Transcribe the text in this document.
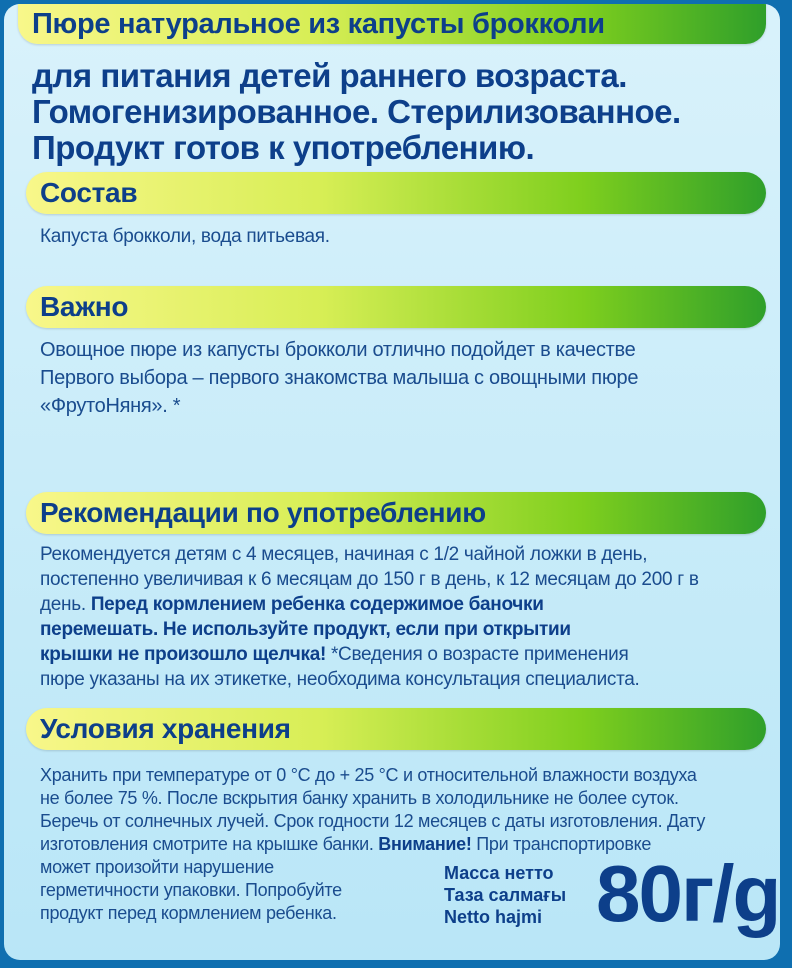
Пюре натуральное из капусты брокколи
для питания детей раннего возраста.
Гомогенизированное. Стерилизованное.
Продукт готов к употреблению.
Состав
Капуста брокколи, вода питьевая.
Важно
Овощное пюре из капусты брокколи отлично подойдет в качестве
Первого выбора – первого знакомства малыша с овощными пюре
«ФрутоНяня». *
Рекомендации по употреблению
Рекомендуется детям с 4 месяцев, начиная с 1/2 чайной ложки в день,
постепенно увеличивая к 6 месяцам до 150 г в день, к 12 месяцам до 200 г в
день. Перед кормлением ребенка содержимое баночки
перемешать. Не используйте продукт, если при открытии
крышки не произошло щелчка! *Сведения о возрасте применения
пюре указаны на их этикетке, необходима консультация специалиста.
Условия хранения
Хранить при температуре от 0 °С до + 25 °С и относительной влажности воздуха
не более 75 %. После вскрытия банку хранить в холодильнике не более суток.
Беречь от солнечных лучей. Срок годности 12 месяцев с даты изготовления. Дату
изготовления смотрите на крышке банки. Внимание! При транспортировке
может произойти нарушение
герметичности упаковки. Попробуйте
продукт перед кормлением ребенка.
Масса нетто
Таза салмағы
Netto hajmi 80г/g
